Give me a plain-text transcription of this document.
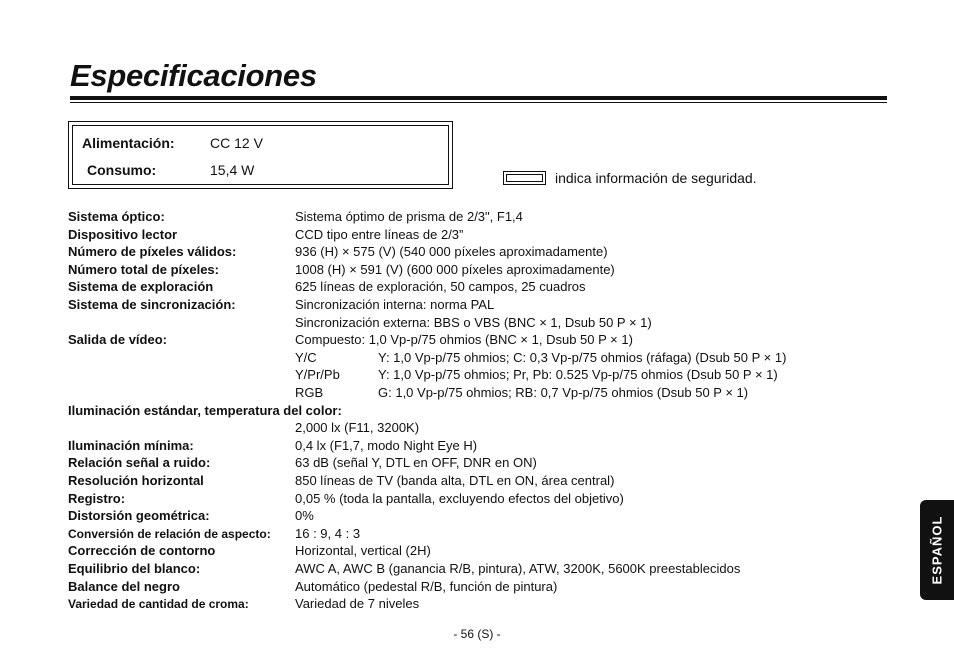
Especificaciones
Alimentación:	CC 12 V
Consumo:	15,4 W	indica información de seguridad.
Sistema óptico:	Sistema óptimo de prisma de 2/3", F1,4
Dispositivo lector	CCD tipo entre líneas de 2/3”
Número de píxeles válidos:	936 (H) × 575 (V) (540 000 píxeles aproximadamente)
Número total de píxeles:	1008 (H) × 591 (V) (600 000 píxeles aproximadamente)
Sistema de exploración	625 líneas de exploración, 50 campos, 25 cuadros
Sistema de sincronización:	Sincronización interna: norma PAL
Sincronización externa: BBS o VBS (BNC × 1, Dsub 50 P × 1)
Salida de vídeo:	Compuesto: 1,0 Vp-p/75 ohmios (BNC × 1, Dsub 50 P × 1)
Y/C	Y: 1,0 Vp-p/75 ohmios; C: 0,3 Vp-p/75 ohmios (ráfaga) (Dsub 50 P × 1)
Y/Pr/Pb	Y: 1,0 Vp-p/75 ohmios; Pr, Pb: 0.525 Vp-p/75 ohmios (Dsub 50 P × 1)
RGB	G: 1,0 Vp-p/75 ohmios; RB: 0,7 Vp-p/75 ohmios (Dsub 50 P × 1)
Iluminación estándar, temperatura del color:
2,000 lx (F11, 3200K)
Iluminación mínima:	0,4 lx (F1,7, modo Night Eye H)
Relación señal a ruido:	63 dB (señal Y, DTL en OFF, DNR en ON)
Resolución horizontal	850 líneas de TV (banda alta, DTL en ON, área central)
Registro:	0,05 % (toda la pantalla, excluyendo efectos del objetivo)
Distorsión geométrica:	0%
Conversión de relación de aspecto: 16 : 9, 4 : 3
Corrección de contorno	Horizontal, vertical (2H)
Equilibrio del blanco:	AWC A, AWC B (ganancia R/B, pintura), ATW, 3200K, 5600K preestablecidos
Balance del negro	Automático (pedestal R/B, función de pintura)
Variedad de cantidad de croma:	Variedad de 7 niveles
- 56 (S) -
ESPAÑOL
